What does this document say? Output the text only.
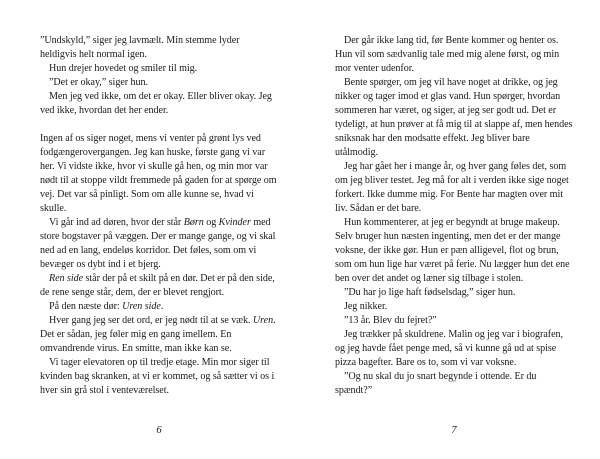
”Undskyld,” siger jeg lavmælt. Min stemme lyder heldigvis helt normal igen.

Hun drejer hovedet og smiler til mig.

”Det er okay,” siger hun.

Men jeg ved ikke, om det er okay. Eller bliver okay. Jeg ved ikke, hvordan det her ender.

Ingen af os siger noget, mens vi venter på grønt lys ved fodgængerovergangen. Jeg kan huske, første gang vi var her. Vi vidste ikke, hvor vi skulle gå hen, og min mor var nødt til at stoppe vildt fremmede på gaden for at spørge om vej. Det var så pinligt. Som om alle kunne se, hvad vi skulle.

Vi går ind ad døren, hvor der står Børn og Kvinder med store bogstaver på væggen. Der er mange gange, og vi skal ned ad en lang, endeløs korridor. Det føles, som om vi bevæger os dybt ind i et bjerg.

Ren side står der på et skilt på en dør. Det er på den side, de rene senge står, dem, der er blevet rengjort.

På den næste dør: Uren side.

Hver gang jeg ser det ord, er jeg nødt til at se væk. Uren. Det er sådan, jeg føler mig en gang imellem. En omvandrende virus. En smitte, man ikke kan se.

Vi tager elevatoren op til tredje etage. Min mor siger til kvinden bag skranken, at vi er kommet, og så sætter vi os i hver sin grå stol i venteværelset.

6

Der går ikke lang tid, før Bente kommer og henter os. Hun vil som sædvanlig tale med mig alene først, og min mor venter udenfor.

Bente spørger, om jeg vil have noget at drikke, og jeg nikker og tager imod et glas vand. Hun spørger, hvordan sommeren har været, og siger, at jeg ser godt ud. Det er tydeligt, at hun prøver at få mig til at slappe af, men hendes sniksnak har den modsatte effekt. Jeg bliver bare utålmodig.

Jeg har gået her i mange år, og hver gang føles det, som om jeg bliver testet. Jeg må for alt i verden ikke sige noget forkert. Ikke dumme mig. For Bente har magten over mit liv. Sådan er det bare.

Hun kommenterer, at jeg er begyndt at bruge makeup. Selv bruger hun næsten ingenting, men det er der mange voksne, der ikke gør. Hun er pæn alligevel, flot og brun, som om hun lige har været på ferie. Nu lægger hun det ene ben over det andet og læner sig tilbage i stolen.

”Du har jo lige haft fødselsdag,” siger hun.

Jeg nikker.

”13 år. Blev du fejret?”

Jeg trækker på skuldrene. Malin og jeg var i biografen, og jeg havde fået penge med, så vi kunne gå ud at spise pizza bagefter. Bare os to, som vi var voksne.

”Og nu skal du jo snart begynde i ottende. Er du spændt?”

7
